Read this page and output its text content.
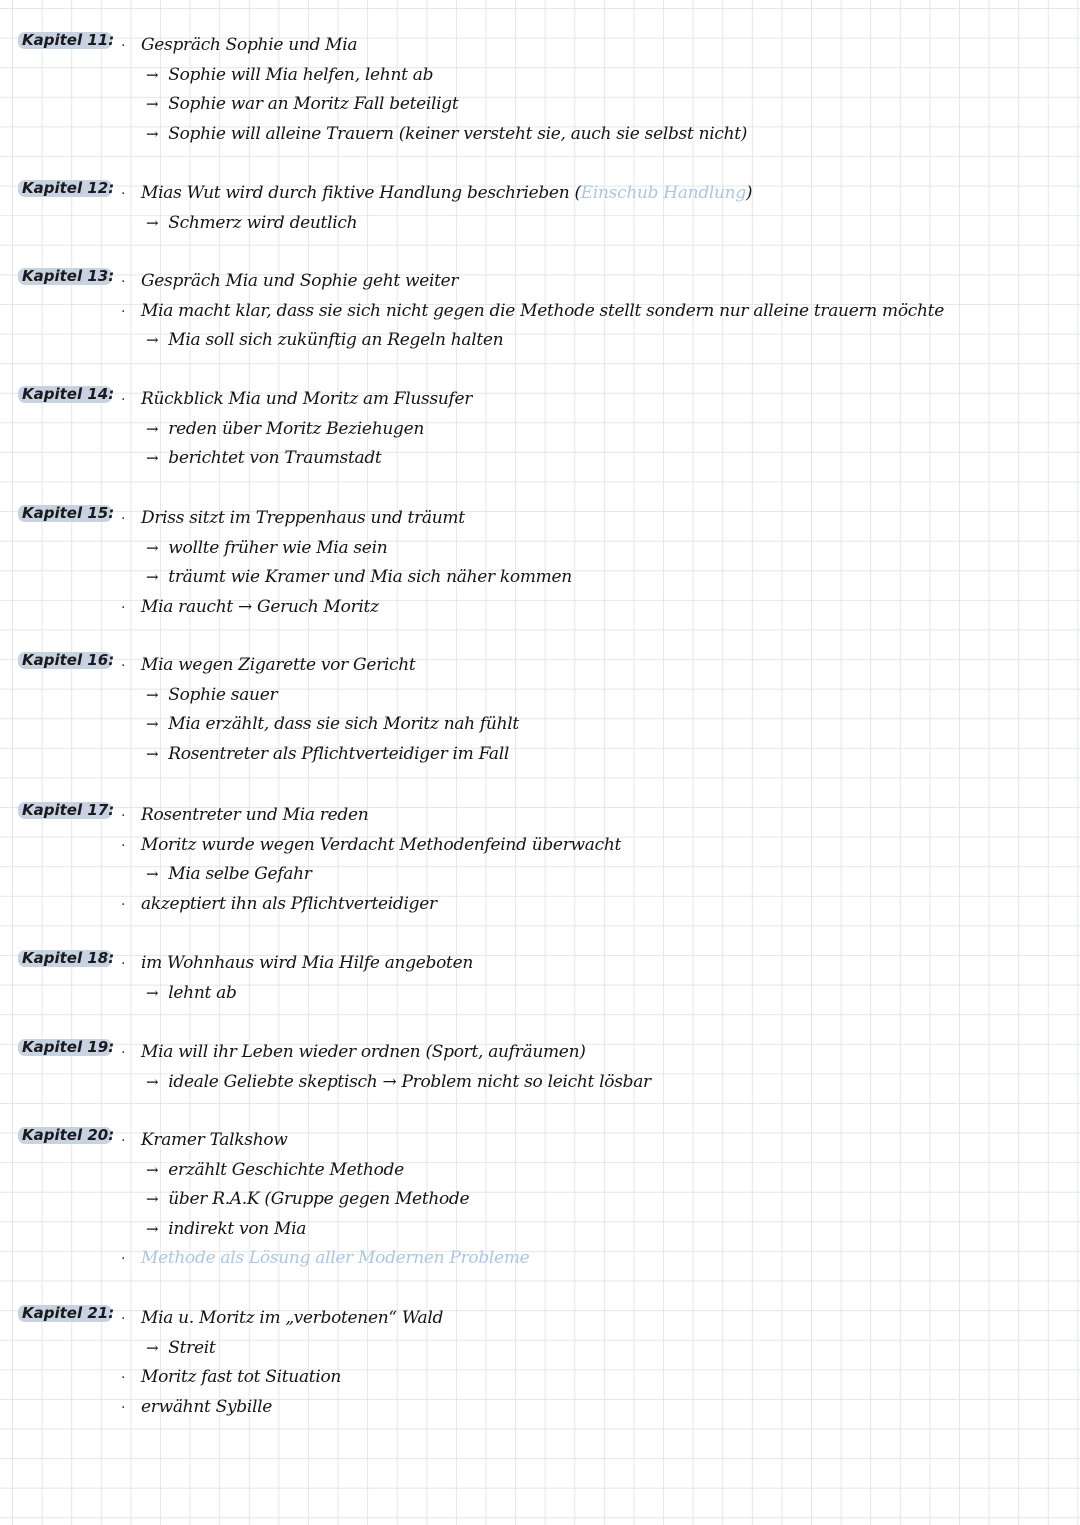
Kapitel 11: · Gespräch Sophie und Mia
→ Sophie will Mia helfen, lehnt ab
→ Sophie war an Moritz Fall beteiligt
→ Sophie will alleine Trauern (keiner versteht sie, auch sie selbst nicht)
Kapitel 12: · Mias Wut wird durch fiktive Handlung beschrieben (Einschub Handlung)
→ Schmerz wird deutlich
Kapitel 13: · Gespräch Mia und Sophie geht weiter
· Mia macht klar, dass sie sich nicht gegen die Methode stellt sondern nur alleine trauern möchte
→ Mia soll sich zukünftig an Regeln halten
Kapitel 14: · Rückblick Mia und Moritz am Flussufer
→ reden über Moritz Beziehugen
→ berichtet von Traumstadt
Kapitel 15: · Driss sitzt im Treppenhaus und träumt
→ wollte früher wie Mia sein
→ träumt wie Kramer und Mia sich näher kommen
· Mia raucht → Geruch Moritz
Kapitel 16: · Mia wegen Zigarette vor Gericht
→ Sophie sauer
→ Mia erzählt, dass sie sich Moritz nah fühlt
→ Rosentreter als Pflichtverteidiger im Fall
Kapitel 17: · Rosentreter und Mia reden
· Moritz wurde wegen Verdacht Methodenfeind überwacht
→ Mia selbe Gefahr
· akzeptiert ihn als Pflichtverteidiger
Kapitel 18: · im Wohnhaus wird Mia Hilfe angeboten
→ lehnt ab
Kapitel 19: · Mia will ihr Leben wieder ordnen (Sport, aufräumen)
→ ideale Geliebte skeptisch → Problem nicht so leicht lösbar
Kapitel 20: · Kramer Talkshow
→ erzählt Geschichte Methode
→ über R.A.K (Gruppe gegen Methode
→ indirekt von Mia
· Methode als Lösung aller Modernen Probleme
Kapitel 21: · Mia u. Moritz im „verbotenen“ Wald
→ Streit
· Moritz fast tot Situation
· erwähnt Sybille
